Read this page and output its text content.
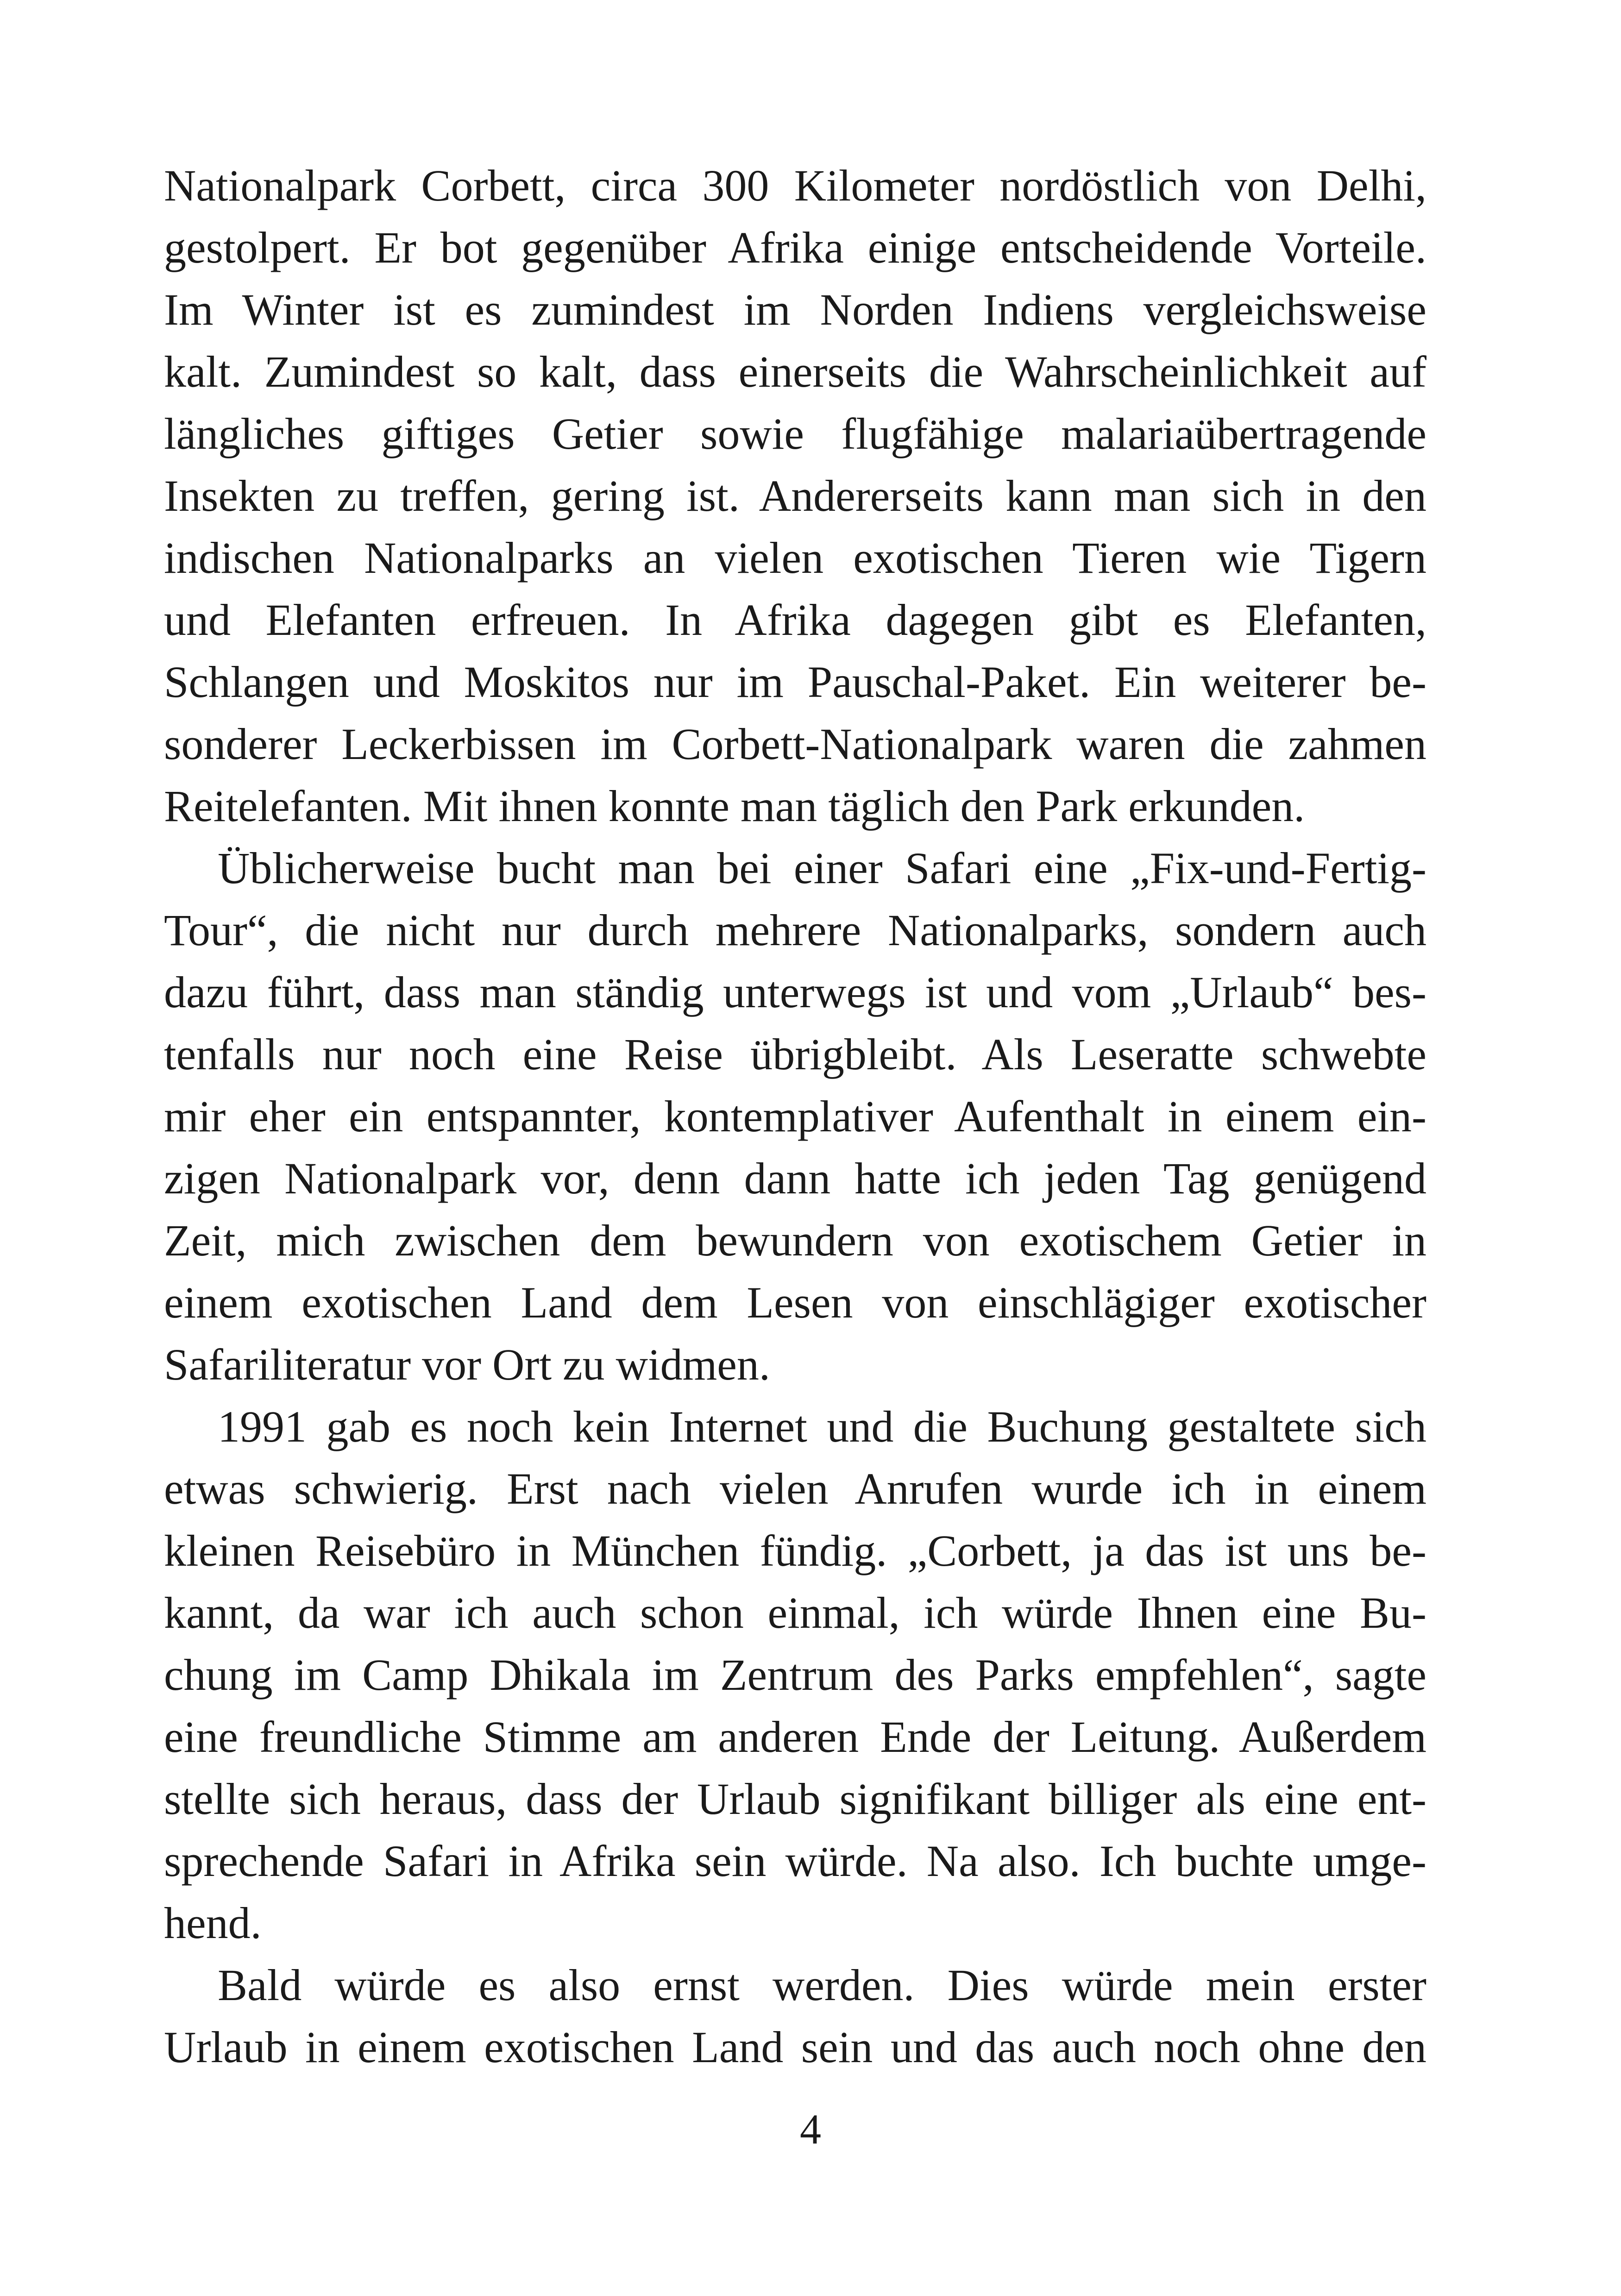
Nationalpark Corbett, circa 300 Kilometer nordöstlich von Delhi,
gestolpert. Er bot gegenüber Afrika einige entscheidende Vorteile.
Im Winter ist es zumindest im Norden Indiens vergleichsweise
kalt. Zumindest so kalt, dass einerseits die Wahrscheinlichkeit auf
längliches giftiges Getier sowie flugfähige malariaübertragende
Insekten zu treffen, gering ist. Andererseits kann man sich in den
indischen Nationalparks an vielen exotischen Tieren wie Tigern
und Elefanten erfreuen. In Afrika dagegen gibt es Elefanten,
Schlangen und Moskitos nur im Pauschal-Paket. Ein weiterer be-
sonderer Leckerbissen im Corbett-Nationalpark waren die zahmen
Reitelefanten. Mit ihnen konnte man täglich den Park erkunden.
Üblicherweise bucht man bei einer Safari eine „Fix-und-Fertig-
Tour“, die nicht nur durch mehrere Nationalparks, sondern auch
dazu führt, dass man ständig unterwegs ist und vom „Urlaub“ bes-
tenfalls nur noch eine Reise übrigbleibt. Als Leseratte schwebte
mir eher ein entspannter, kontemplativer Aufenthalt in einem ein-
zigen Nationalpark vor, denn dann hatte ich jeden Tag genügend
Zeit, mich zwischen dem bewundern von exotischem Getier in
einem exotischen Land dem Lesen von einschlägiger exotischer
Safariliteratur vor Ort zu widmen.
1991 gab es noch kein Internet und die Buchung gestaltete sich
etwas schwierig. Erst nach vielen Anrufen wurde ich in einem
kleinen Reisebüro in München fündig. „Corbett, ja das ist uns be-
kannt, da war ich auch schon einmal, ich würde Ihnen eine Bu-
chung im Camp Dhikala im Zentrum des Parks empfehlen“, sagte
eine freundliche Stimme am anderen Ende der Leitung. Außerdem
stellte sich heraus, dass der Urlaub signifikant billiger als eine ent-
sprechende Safari in Afrika sein würde. Na also. Ich buchte umge-
hend.
Bald würde es also ernst werden. Dies würde mein erster
Urlaub in einem exotischen Land sein und das auch noch ohne den
4
